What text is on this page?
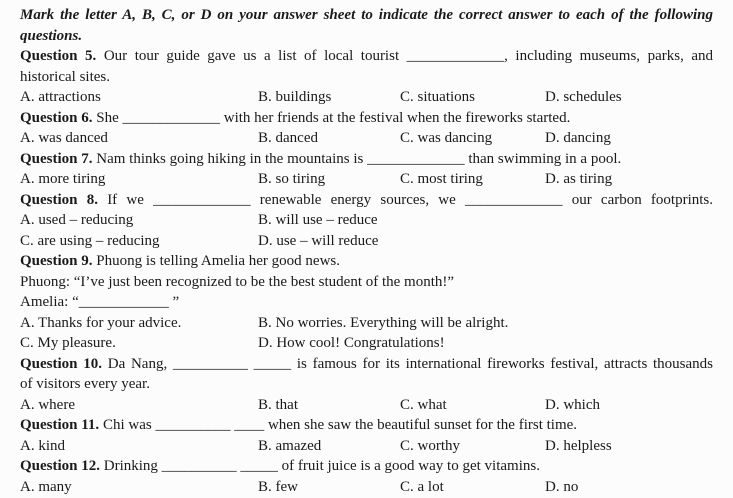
Mark the letter A, B, C, or D on your answer sheet to indicate the correct answer to each of the following

questions.

Question 5. Our tour guide gave us a list of local tourist _____________, including museums, parks, and

historical sites.

A. attractions	B. buildings	C. situations	D. schedules

Question 6. She _____________ with her friends at the festival when the fireworks started.

A. was danced	B. danced	C. was dancing	D. dancing

Question 7. Nam thinks going hiking in the mountains is _____________ than swimming in a pool.

A. more tiring	B. so tiring	C. most tiring	D. as tiring

Question 8. If we _____________ renewable energy sources, we _____________ our carbon footprints.

A. used – reducing	B. will use – reduce
C. are using – reducing	D. use – will reduce

Question 9. Phuong is telling Amelia her good news.

Phuong: “I’ve just been recognized to be the best student of the month!”

Amelia: “____________ ”

A. Thanks for your advice.	B. No worries. Everything will be alright.
C. My pleasure.	D. How cool! Congratulations!

Question 10. Da Nang, __________ _____ is famous for its international fireworks festival, attracts thousands

of visitors every year.

A. where	B. that	C. what	D. which

Question 11. Chi was __________ ____ when she saw the beautiful sunset for the first time.

A. kind	B. amazed	C. worthy	D. helpless

Question 12. Drinking __________ _____ of fruit juice is a good way to get vitamins.

A. many	B. few	C. a lot	D. no
